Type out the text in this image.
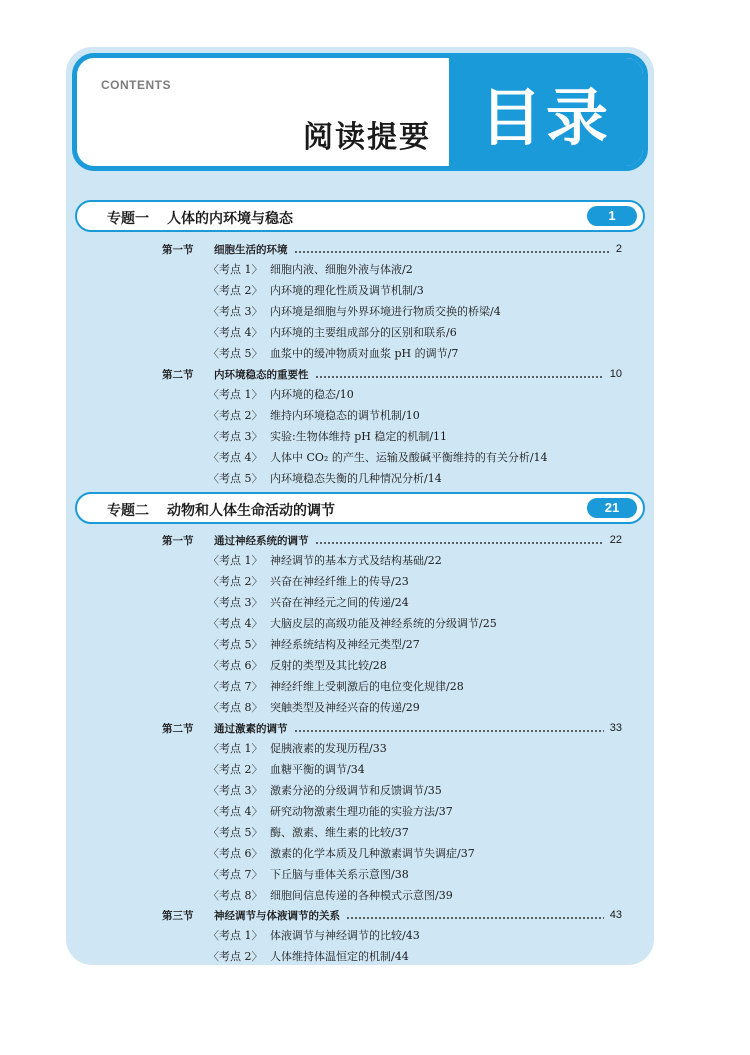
CONTENTS
阅读提要 目录
专题一 人体的内环境与稳态	1
第一节	细胞生活的环境	2
〈考点 1〉 细胞内液、细胞外液与体液/2
〈考点 2〉 内环境的理化性质及调节机制/3
〈考点 3〉 内环境是细胞与外界环境进行物质交换的桥梁/4
〈考点 4〉 内环境的主要组成部分的区别和联系/6
〈考点 5〉 血浆中的缓冲物质对血浆 pH 的调节/7
第二节	内环境稳态的重要性	10
〈考点 1〉 内环境的稳态/10
〈考点 2〉 维持内环境稳态的调节机制/10
〈考点 3〉 实验:生物体维持 pH 稳定的机制/11
〈考点 4〉 人体中 CO₂ 的产生、运输及酸碱平衡维持的有关分析/14
〈考点 5〉 内环境稳态失衡的几种情况分析/14
专题二 动物和人体生命活动的调节	21
第一节	通过神经系统的调节	22
〈考点 1〉 神经调节的基本方式及结构基础/22
〈考点 2〉 兴奋在神经纤维上的传导/23
〈考点 3〉 兴奋在神经元之间的传递/24
〈考点 4〉 大脑皮层的高级功能及神经系统的分级调节/25
〈考点 5〉 神经系统结构及神经元类型/27
〈考点 6〉 反射的类型及其比较/28
〈考点 7〉 神经纤维上受刺激后的电位变化规律/28
〈考点 8〉 突触类型及神经兴奋的传递/29
第二节	通过激素的调节	33
〈考点 1〉 促胰液素的发现历程/33
〈考点 2〉 血糖平衡的调节/34
〈考点 3〉 激素分泌的分级调节和反馈调节/35
〈考点 4〉 研究动物激素生理功能的实验方法/37
〈考点 5〉 酶、激素、维生素的比较/37
〈考点 6〉 激素的化学本质及几种激素调节失调症/37
〈考点 7〉 下丘脑与垂体关系示意图/38
〈考点 8〉 细胞间信息传递的各种模式示意图/39
第三节	神经调节与体液调节的关系	43
〈考点 1〉 体液调节与神经调节的比较/43
〈考点 2〉 人体维持体温恒定的机制/44
